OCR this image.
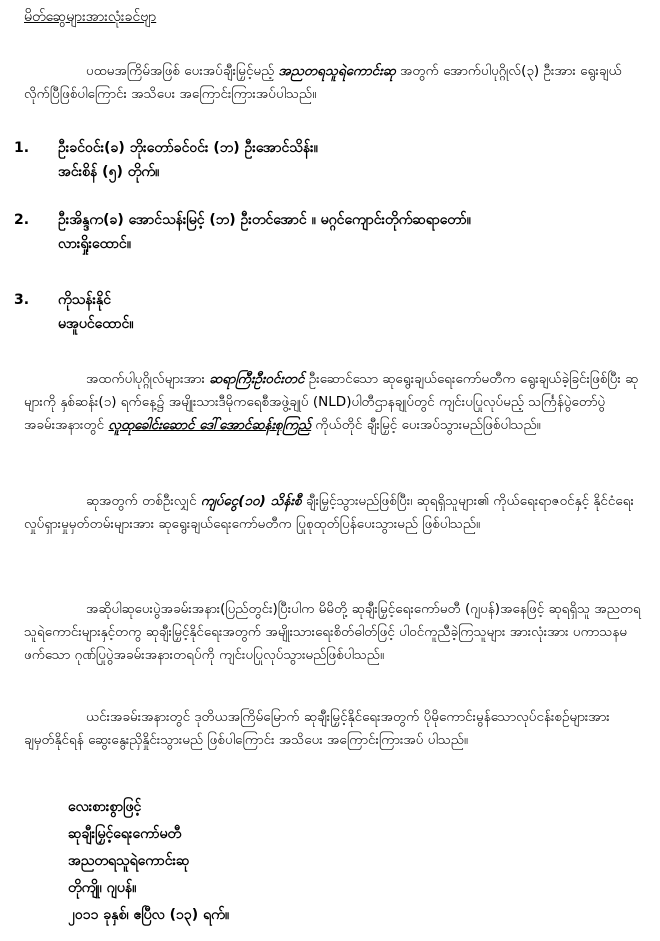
မိတ်ဆွေများအားလုံးခင်ဗျာ
ပထမအကြိမ်အဖြစ် ပေးအပ်ချီးမြှင့်မည့် အညတရသူရဲကောင်းဆု အတွက် အောက်ပါပုဂ္ဂိုလ်(၃) ဦးအား ရွေးချယ်လိုက်ပြီဖြစ်ပါကြောင်း အသိပေး အကြောင်းကြားအပ်ပါသည်။
1.	ဦးခင်ဝင်း(ခ) ဘိုးတော်ခင်ဝင်း (ဘ) ဦးအောင်သိန်း။
အင်းစိန် (၅) တိုက်။
2.	ဦးအိန္ဒက(ခ) အောင်သန်းမြင့် (ဘ) ဦးတင်အောင် ။ မဂ္ဂင်ကျောင်းတိုက်ဆရာတော်။
လားရှိုးထောင်။
3.	ကိုသန်းနိုင်
မအူပင်ထောင်။
အထက်ပါပုဂ္ဂိုလ်များအား ဆရာကြီးဦးဝင်းတင် ဦးဆောင်သော ဆုရွေးချယ်ရေးကော်မတီက ရွေးချယ်ခဲ့ခြင်းဖြစ်ပြီး ဆုများကို နှစ်ဆန်း(၁) ရက်နေ့၌ အမျိုးသားဒီမိုကရေစီအဖွဲ့ချုပ် (NLD)ပါတီဌာနချုပ်တွင် ကျင်းပပြုလုပ်မည့် သင်္ကြန်ပွဲတော်ပွဲအခမ်းအနားတွင် လူထုခေါင်းဆောင် ဒေါ်အောင်ဆန်းစုကြည် ကိုယ်တိုင် ချီးမြှင့် ပေးအပ်သွားမည်ဖြစ်ပါသည်။
ဆုအတွက် တစ်ဦးလျှင် ကျပ်ငွေ(၁၀) သိန်းစီ ချီးမြှင့်သွားမည်ဖြစ်ပြီး၊ ဆုရရှိသူများ၏ ကိုယ်ရေးရာဇဝင်နှင့် နိုင်ငံရေးလှုပ်ရှားမှုမှတ်တမ်းများအား ဆုရွေးချယ်ရေးကော်မတီက ပြုစုထုတ်ပြန်ပေးသွားမည် ဖြစ်ပါသည်။
အဆိုပါဆုပေးပွဲအခမ်းအနား(ပြည်တွင်း)ပြီးပါက မိမိတို့ ဆုချီးမြှင့်ရေးကော်မတီ (ဂျပန်)အနေဖြင့် ဆုရရှိသူ အညတရသူရဲကောင်းများနှင့်တကွ ဆုချီးမြှင့်နိုင်ရေးအတွက် အမျိုးသားရေးစိတ်ဓါတ်ဖြင့် ပါဝင်ကူညီခဲ့ကြသူများ အားလုံးအား ပကာသနမဖက်သော ဂုဏ်ပြုပွဲအခမ်းအနားတရပ်ကို ကျင်းပပြုလုပ်သွားမည်ဖြစ်ပါသည်။
ယင်းအခမ်းအနားတွင် ဒုတိယအကြိမ်မြောက် ဆုချီးမြှင့်နိုင်ရေးအတွက် ပိုမိုကောင်းမွန်သောလုပ်ငန်းစဉ်များအား ချမှတ်နိုင်ရန် ဆွေးနွေးညှိနှိုင်းသွားမည် ဖြစ်ပါကြောင်း အသိပေး အကြောင်းကြားအပ် ပါသည်။
လေးစားစွာဖြင့်
ဆုချီးမြှင့်ရေးကော်မတီ
အညတရသူရဲကောင်းဆု
တိုကျို၊ ဂျပန်။
၂၀၁၁ ခုနှစ်၊ ဧပြီလ (၁၃) ရက်။
